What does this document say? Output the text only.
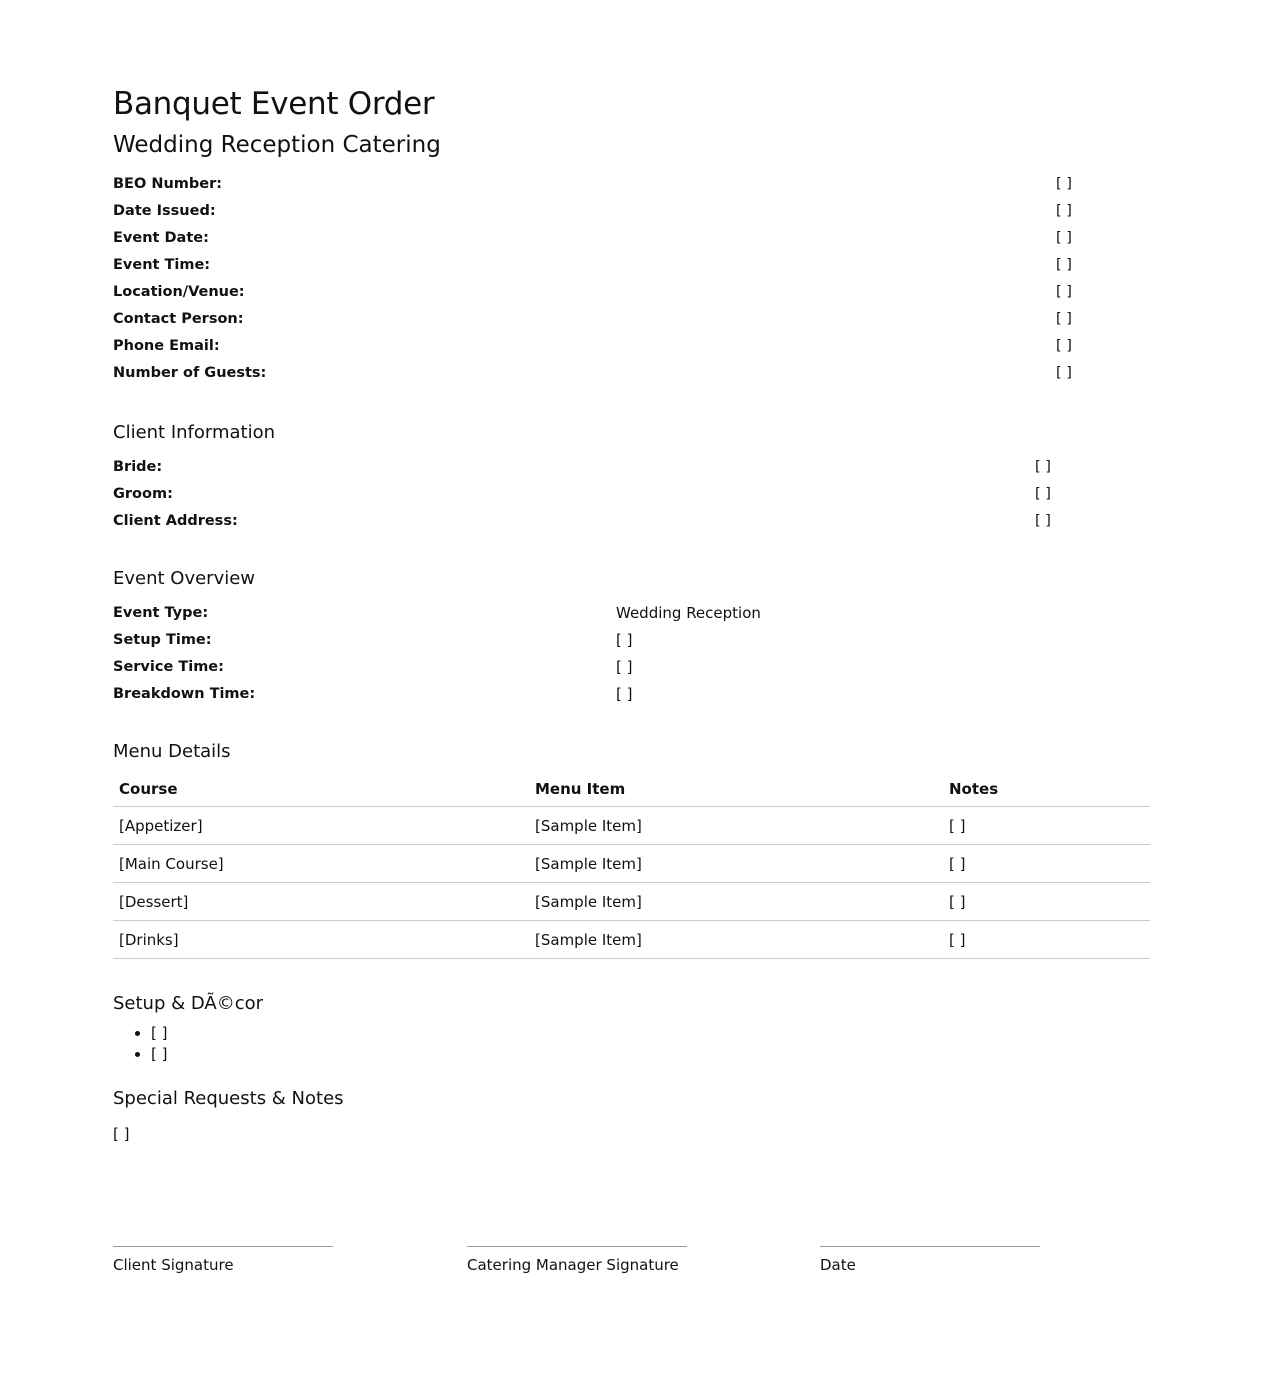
Banquet Event Order
Wedding Reception Catering
BEO Number:	[ ]
Date Issued:	[ ]
Event Date:	[ ]
Event Time:	[ ]
Location/Venue:	[ ]
Contact Person:	[ ]
Phone Email:	[ ]
Number of Guests:	[ ]
Client Information
Bride:	[ ]
Groom:	[ ]
Client Address:	[ ]
Event Overview
Event Type:	Wedding Reception
Setup Time:	[ ]
Service Time:	[ ]
Breakdown Time:	[ ]
Menu Details
Course	Menu Item	Notes
[Appetizer]	[Sample Item]	[ ]
[Main Course]	[Sample Item]	[ ]
[Dessert]	[Sample Item]	[ ]
[Drinks]	[Sample Item]	[ ]
Setup & DÃ©cor
• [ ]
• [ ]
Special Requests & Notes
[ ]
Client Signature	Catering Manager Signature	Date
